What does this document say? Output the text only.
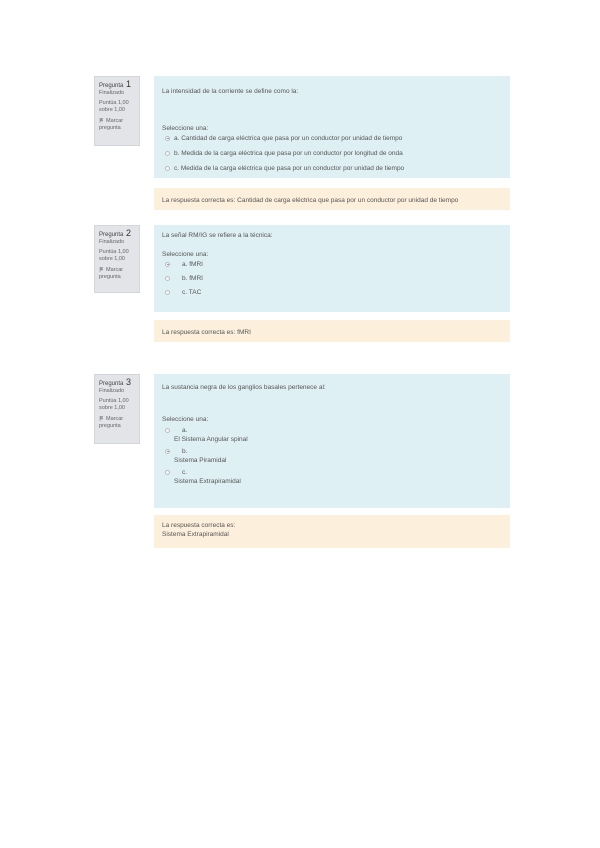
Pregunta 1
Finalizado
Puntúa 1,00 sobre 1,00
Marcar pregunta

La intensidad de la corriente se define como la:

Seleccione una:
a. Cantidad de carga eléctrica que pasa por un conductor por unidad de tiempo
b. Medida de la carga eléctrica que pasa por un conductor por longitud de onda
c. Medida de la carga eléctrica que pasa por un conductor por unidad de tiempo
La respuesta correcta es: Cantidad de carga eléctrica que pasa por un conductor por unidad de tiempo
Pregunta 2
Finalizado
Puntúa 1,00 sobre 1,00
Marcar pregunta

La señal RM/IG se refiere a la técnica:

Seleccione una:
a. fMRI
b. fMRI
c. TAC
La respuesta correcta es: fMRI
Pregunta 3
Finalizado
Puntúa 1,00 sobre 1,00
Marcar pregunta

La sustancia negra de los ganglios basales pertenece al:

Seleccione una:
a.
El Sistema Angular spinal
b.
Sistema Piramidal
c.
Sistema Extrapiramidal
La respuesta correcta es:
Sistema Extrapiramidal
